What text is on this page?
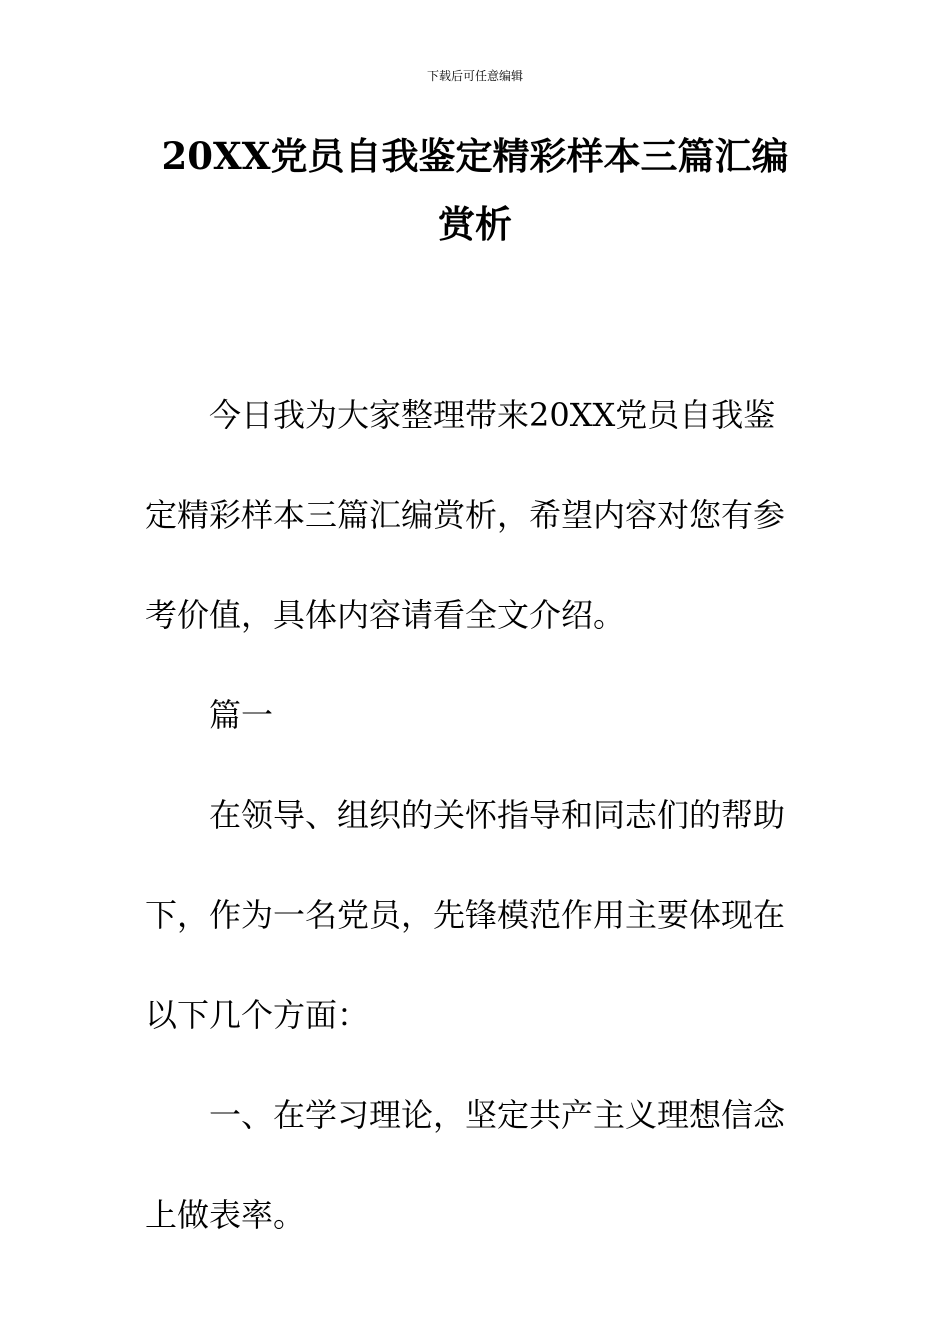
下载后可任意编辑
20XX党员自我鉴定精彩样本三篇汇编赏析

今日我为大家整理带来20XX党员自我鉴定精彩样本三篇汇编赏析，希望内容对您有参考价值，具体内容请看全文介绍。

篇一

在领导、组织的关怀指导和同志们的帮助下，作为一名党员，先锋模范作用主要体现在以下几个方面：

一、在学习理论，坚定共产主义理想信念上做表率。
